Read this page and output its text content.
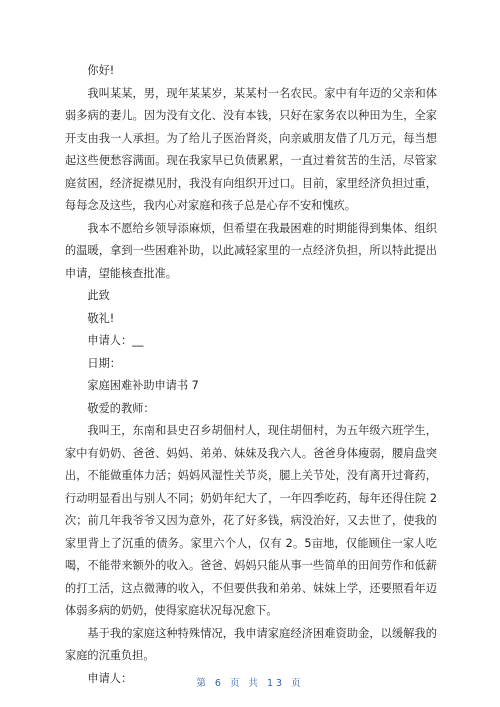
你好!

我叫某某，男，现年某某岁，某某村一名农民。家中有年迈的父亲和体弱多病的妻儿。因为没有文化、没有本钱，只好在家务农以种田为生，全家开支由我一人承担。为了给儿子医治肾炎，向亲戚朋友借了几万元，每当想起这些便愁容满面。现在我家早已负债累累，一直过着贫苦的生活，尽管家庭贫困，经济捉襟见肘，我没有向组织开过口。目前，家里经济负担过重，每每念及这些，我内心对家庭和孩子总是心存不安和愧疚。

我本不愿给乡领导添麻烦，但希望在我最困难的时期能得到集体、组织的温暖，拿到一些困难补助，以此减轻家里的一点经济负担，所以特此提出申请，望能核查批准。

此致

敬礼!

申请人：__

日期：

家庭困难补助申请书 7

敬爱的教师：

我叫王，东南和县史召乡胡佃村人，现住胡佃村，为五年级六班学生，家中有奶奶、爸爸、妈妈、弟弟、妹妹及我六人。爸爸身体瘦弱，腰肩盘突出，不能做重体力活；妈妈风湿性关节炎，腿上关节处，没有离开过膏药，行动明显看出与别人不同；奶奶年纪大了，一年四季吃药，每年还得住院 2次；前几年我爷爷又因为意外，花了好多钱，病没治好，又去世了，使我的家里背上了沉重的债务。家里六个人，仅有 2。5亩地，仅能顾住一家人吃喝，不能带来额外的收入。爸爸、妈妈只能从事一些简单的田间劳作和低薪的打工活，这点微薄的收入，不但要供我和弟弟、妹妹上学，还要照看年迈体弱多病的奶奶，使得家庭状况每况愈下。

基于我的家庭这种特殊情况，我申请家庭经济困难资助金，以缓解我的家庭的沉重负担。

申请人：	第 6 页 共 13 页
